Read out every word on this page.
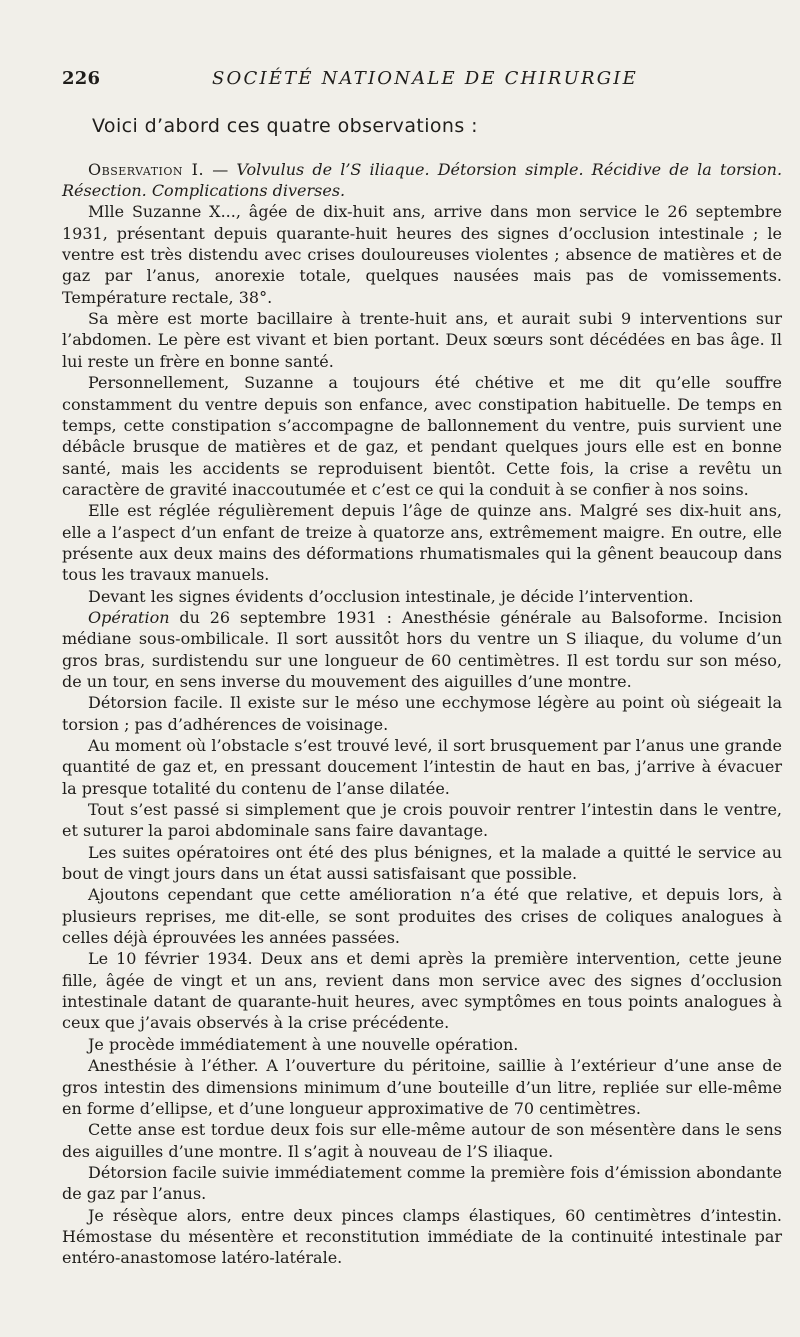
226	SOCIÉTÉ NATIONALE DE CHIRURGIE
Voici d’abord ces quatre observations :

Observation I. — Volvulus de l’S iliaque. Détorsion simple. Récidive de la torsion. Résection. Complications diverses.

Mlle Suzanne X..., âgée de dix-huit ans, arrive dans mon service le 26 septembre 1931, présentant depuis quarante-huit heures des signes d’occlusion intestinale ; le ventre est très distendu avec crises douloureuses violentes ; absence de matières et de gaz par l’anus, anorexie totale, quelques nausées mais pas de vomissements. Température rectale, 38°.

Sa mère est morte bacillaire à trente-huit ans, et aurait subi 9 interventions sur l’abdomen. Le père est vivant et bien portant. Deux sœurs sont décédées en bas âge. Il lui reste un frère en bonne santé.

Personnellement, Suzanne a toujours été chétive et me dit qu’elle souffre constamment du ventre depuis son enfance, avec constipation habituelle. De temps en temps, cette constipation s’accompagne de ballonnement du ventre, puis survient une débâcle brusque de matières et de gaz, et pendant quelques jours elle est en bonne santé, mais les accidents se reproduisent bientôt. Cette fois, la crise a revêtu un caractère de gravité inaccoutumée et c’est ce qui la conduit à se confier à nos soins.

Elle est réglée régulièrement depuis l’âge de quinze ans. Malgré ses dix-huit ans, elle a l’aspect d’un enfant de treize à quatorze ans, extrêmement maigre. En outre, elle présente aux deux mains des déformations rhumatismales qui la gênent beaucoup dans tous les travaux manuels.

Devant les signes évidents d’occlusion intestinale, je décide l’intervention.

Opération du 26 septembre 1931 : Anesthésie générale au Balsoforme. Incision médiane sous-ombilicale. Il sort aussitôt hors du ventre un S iliaque, du volume d’un gros bras, surdistendu sur une longueur de 60 centimètres. Il est tordu sur son méso, de un tour, en sens inverse du mouvement des aiguilles d’une montre.

Détorsion facile. Il existe sur le méso une ecchymose légère au point où siégeait la torsion ; pas d’adhérences de voisinage.

Au moment où l’obstacle s’est trouvé levé, il sort brusquement par l’anus une grande quantité de gaz et, en pressant doucement l’intestin de haut en bas, j’arrive à évacuer la presque totalité du contenu de l’anse dilatée.

Tout s’est passé si simplement que je crois pouvoir rentrer l’intestin dans le ventre, et suturer la paroi abdominale sans faire davantage.

Les suites opératoires ont été des plus bénignes, et la malade a quitté le service au bout de vingt jours dans un état aussi satisfaisant que possible.

Ajoutons cependant que cette amélioration n’a été que relative, et depuis lors, à plusieurs reprises, me dit-elle, se sont produites des crises de coliques analogues à celles déjà éprouvées les années passées.

Le 10 février 1934. Deux ans et demi après la première intervention, cette jeune fille, âgée de vingt et un ans, revient dans mon service avec des signes d’occlusion intestinale datant de quarante-huit heures, avec symptômes en tous points analogues à ceux que j’avais observés à la crise précédente.

Je procède immédiatement à une nouvelle opération.

Anesthésie à l’éther. A l’ouverture du péritoine, saillie à l’extérieur d’une anse de gros intestin des dimensions minimum d’une bouteille d’un litre, repliée sur elle-même en forme d’ellipse, et d’une longueur approximative de 70 centimètres.

Cette anse est tordue deux fois sur elle-même autour de son mésentère dans le sens des aiguilles d’une montre. Il s’agit à nouveau de l’S iliaque.

Détorsion facile suivie immédiatement comme la première fois d’émission abondante de gaz par l’anus.

Je résèque alors, entre deux pinces clamps élastiques, 60 centimètres d’intestin. Hémostase du mésentère et reconstitution immédiate de la continuité intestinale par entéro-anastomose latéro-latérale.
